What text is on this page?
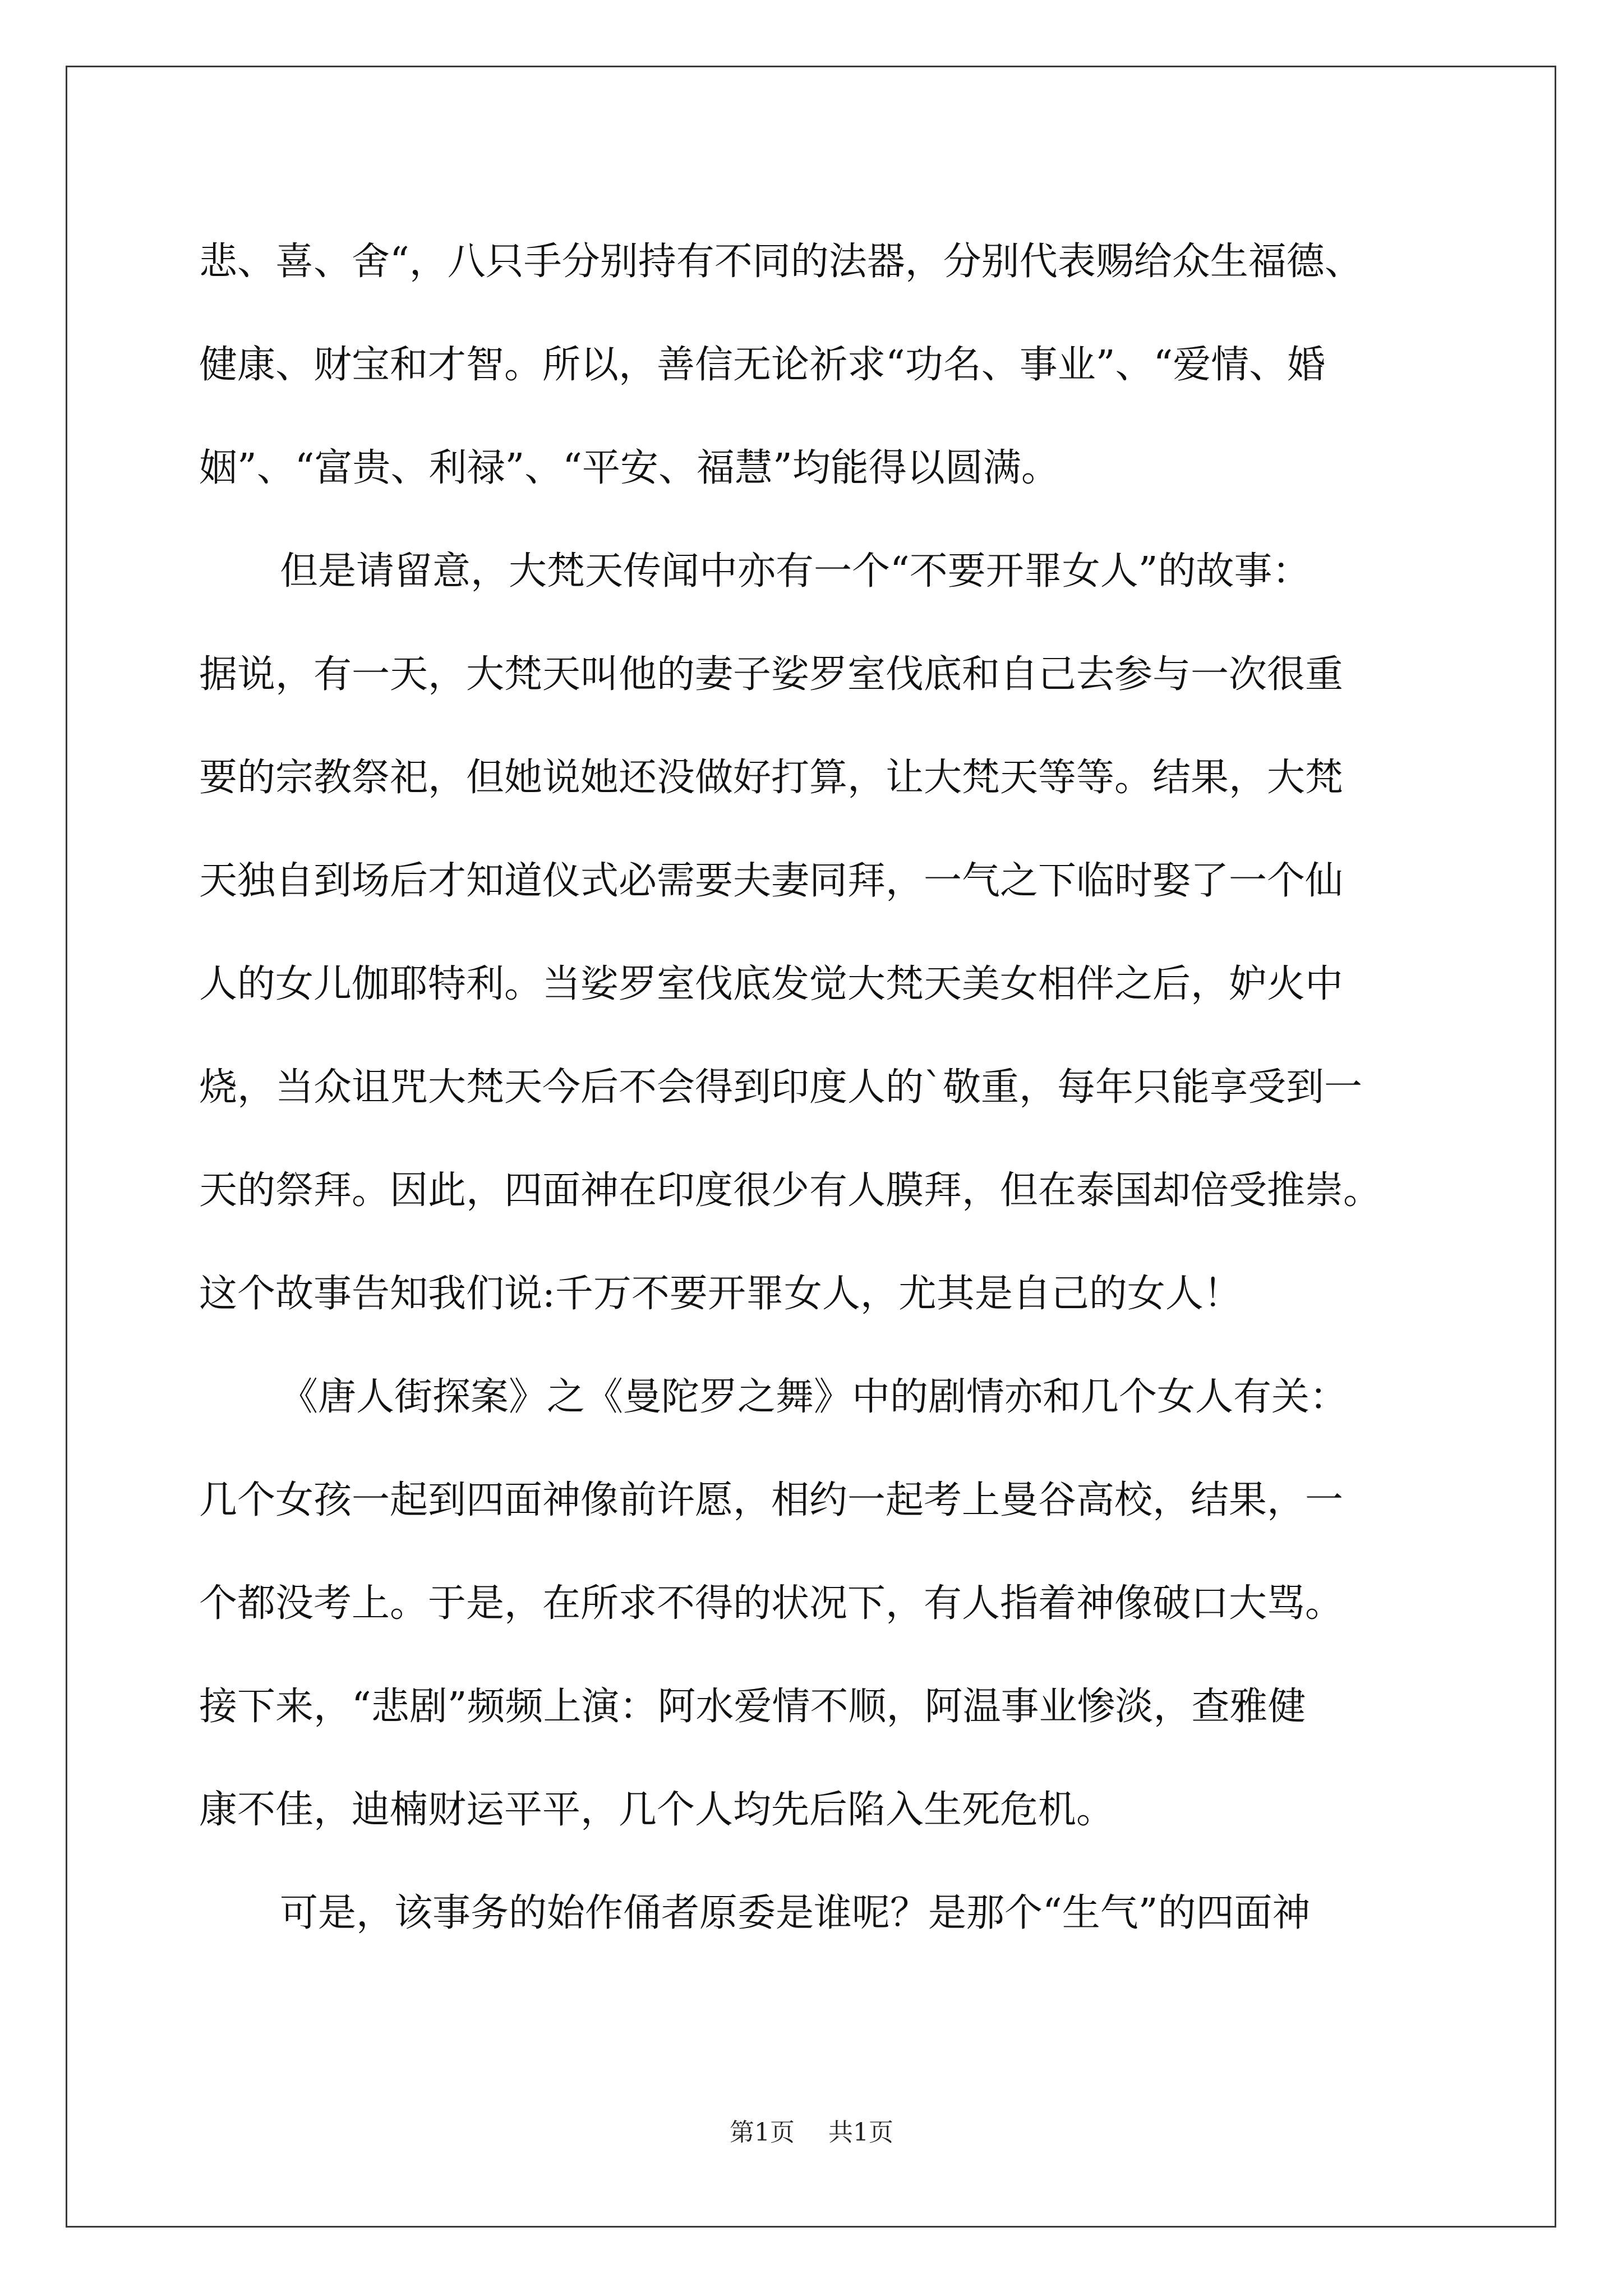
悲、喜、舍“，八只手分别持有不同的法器，分别代表赐给众生福德、
健康、财宝和才智。所以，善信无论祈求“功名、事业”、“爱情、婚
姻”、“富贵、利禄”、“平安、福慧”均能得以圆满。
但是请留意，大梵天传闻中亦有一个“不要开罪女人”的故事：
据说，有一天，大梵天叫他的妻子娑罗室伐底和自己去参与一次很重
要的宗教祭祀，但她说她还没做好打算，让大梵天等等。结果，大梵
天独自到场后才知道仪式必需要夫妻同拜，一气之下临时娶了一个仙
人的女儿伽耶特利。当娑罗室伐底发觉大梵天美女相伴之后，妒火中
烧，当众诅咒大梵天今后不会得到印度人的`敬重，每年只能享受到一
天的祭拜。因此，四面神在印度很少有人膜拜，但在泰国却倍受推崇。
这个故事告知我们说:千万不要开罪女人，尤其是自己的女人！
《唐人街探案》之《曼陀罗之舞》中的剧情亦和几个女人有关：
几个女孩一起到四面神像前许愿，相约一起考上曼谷高校，结果，一
个都没考上。于是，在所求不得的状况下，有人指着神像破口大骂。
接下来，“悲剧”频频上演：阿水爱情不顺，阿温事业惨淡，查雅健
康不佳，迪楠财运平平，几个人均先后陷入生死危机。
可是，该事务的始作俑者原委是谁呢？是那个“生气”的四面神
第1页 共1页
